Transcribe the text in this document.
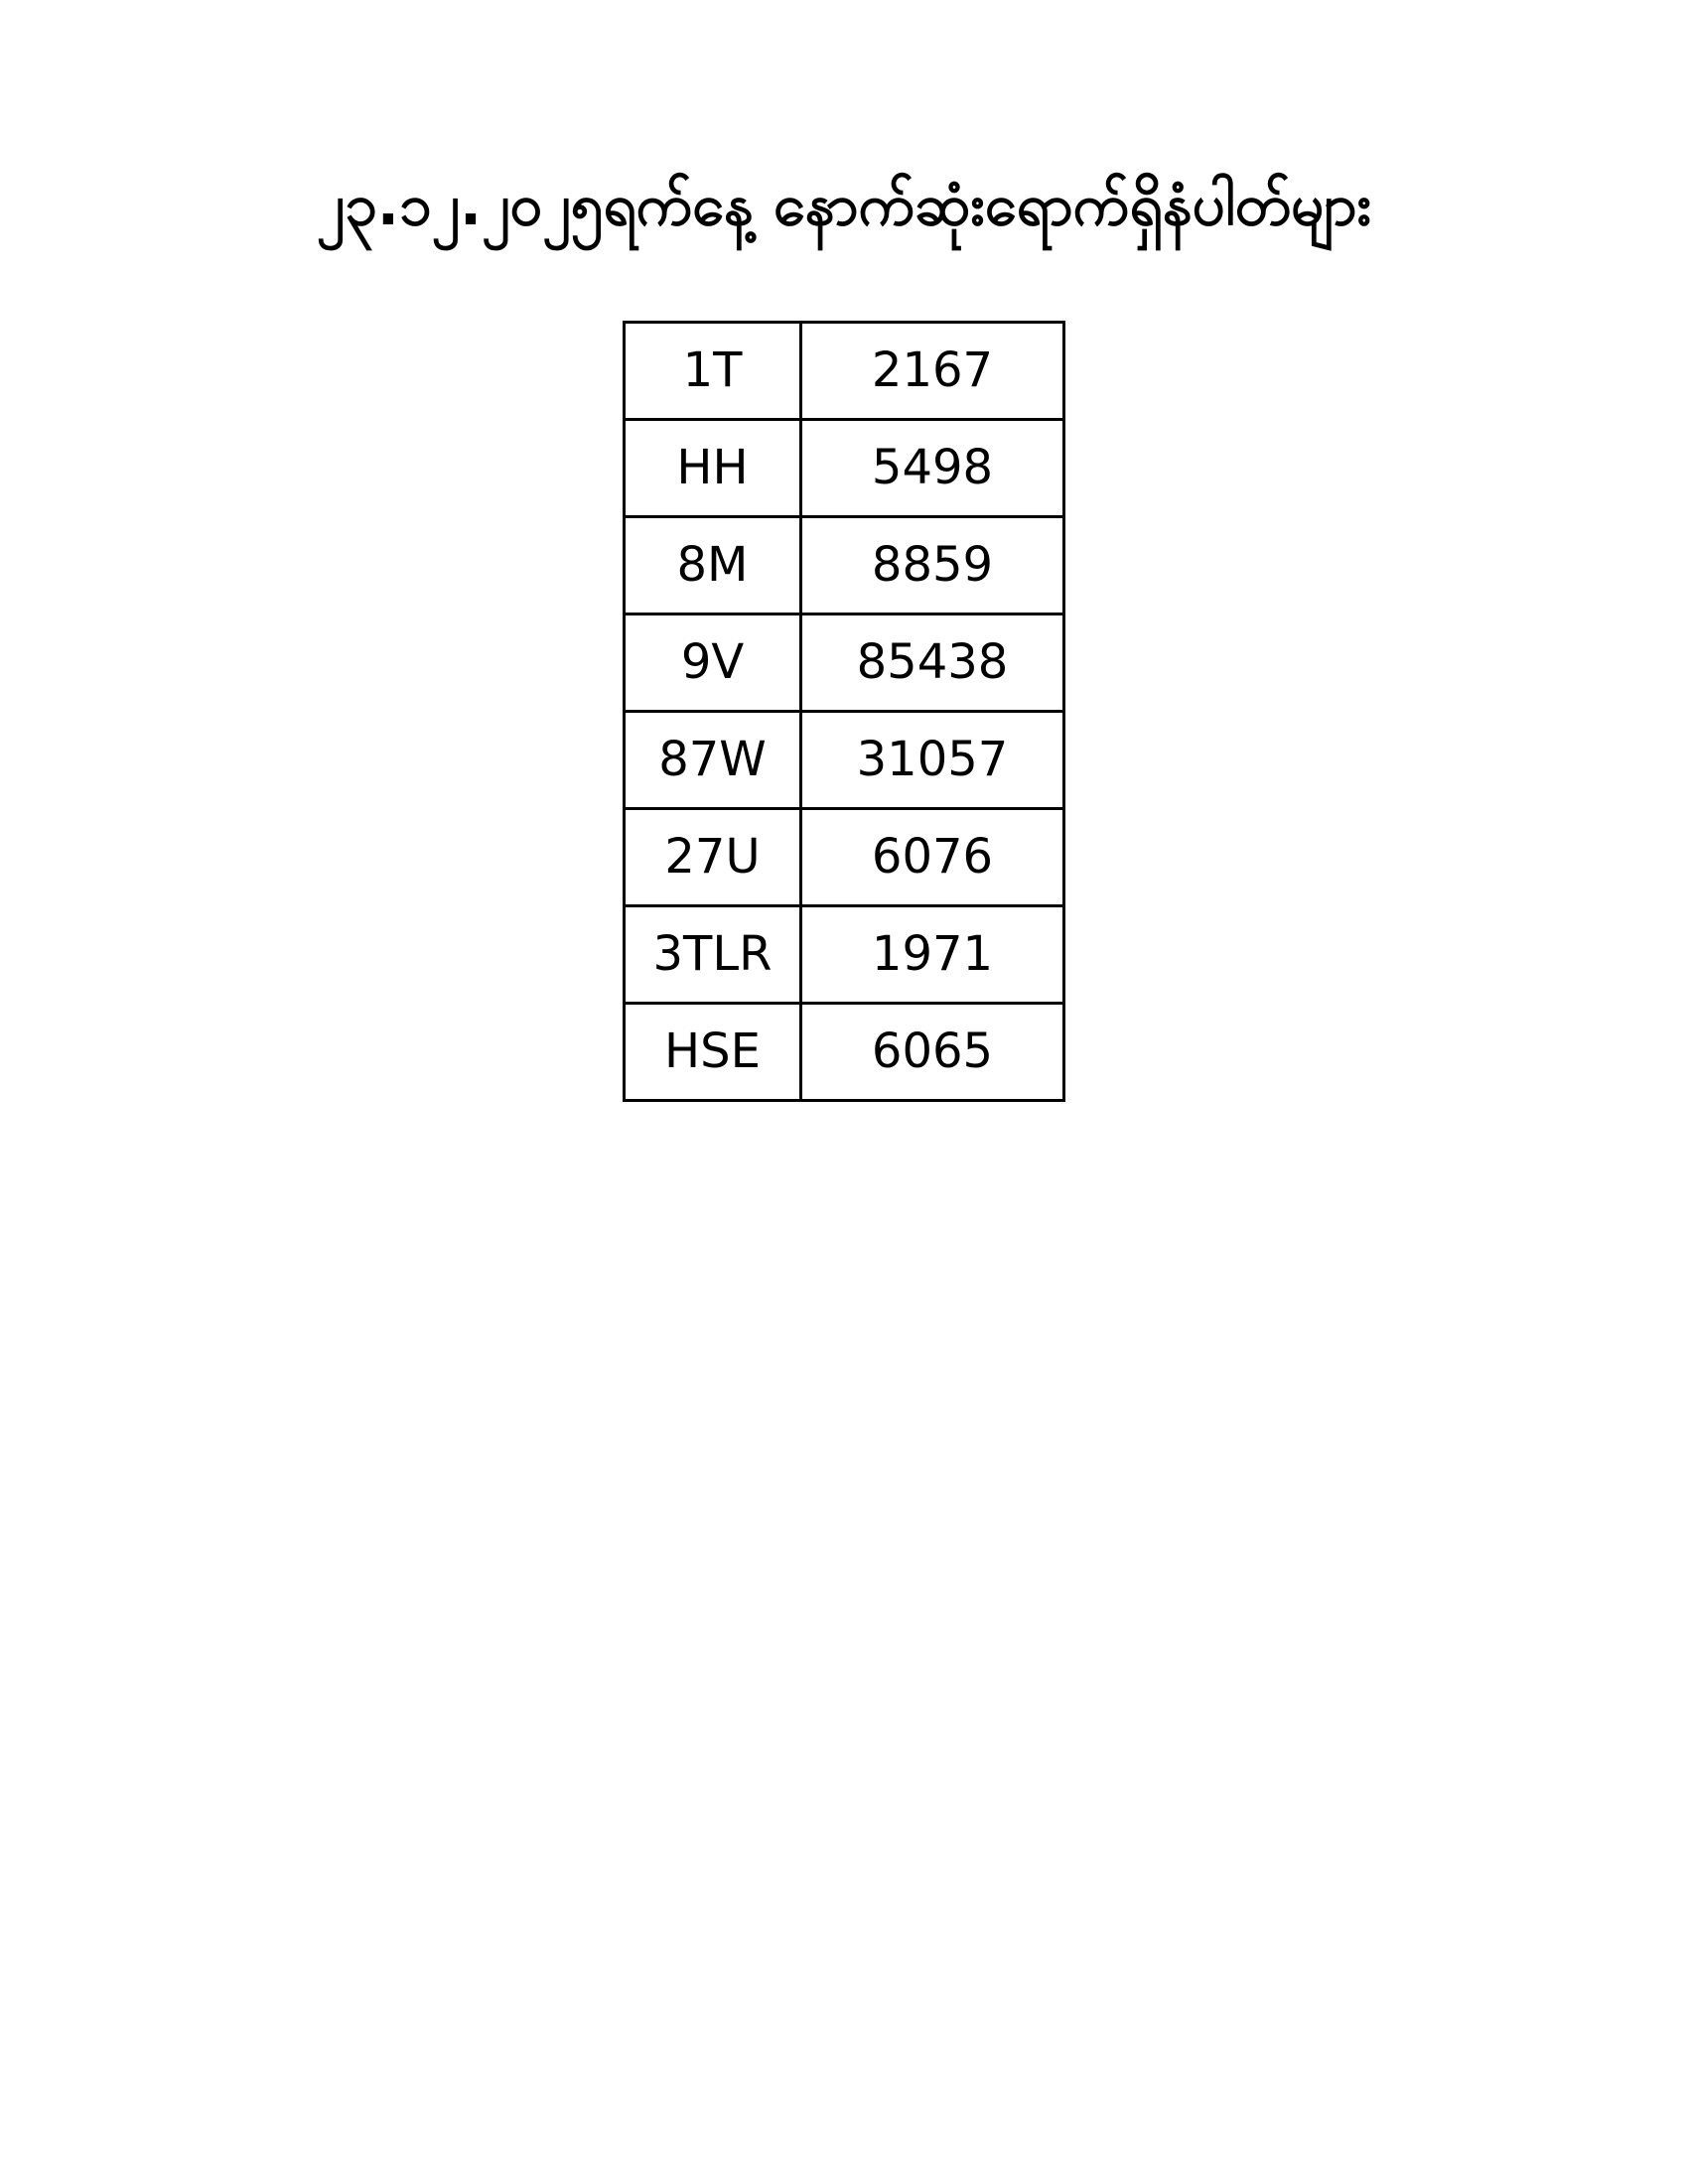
၂၃.၁၂.၂၀၂၅ရက်နေ့ နောက်ဆုံးရောက်ရှိနံပါတ်များ
1T	2167
HH	5498
8M	8859
9V	85438
87W	31057
27U	6076
3TLR	1971
HSE	6065
